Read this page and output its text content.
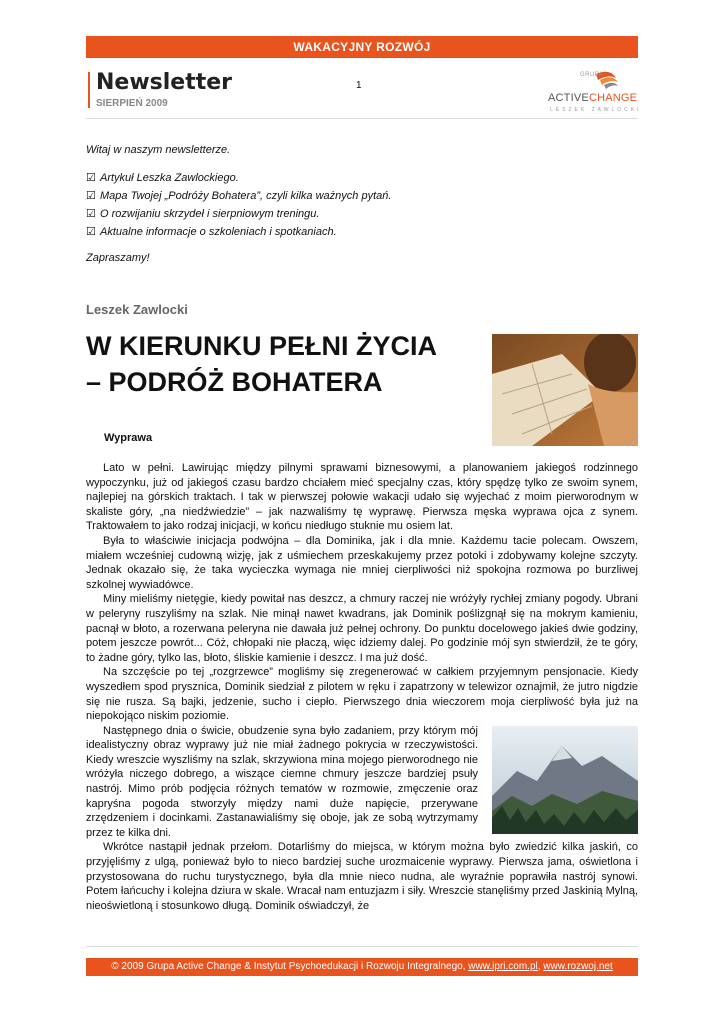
WAKACYJNY ROZWÓJ
Newsletter
SIERPIEŃ 2009
1
GRUPA
ACTIVECHANGE
LESZEK ZAWLOCKI

Witaj w naszym newsletterze.

☑ Artykuł Leszka Zawlockiego.
☑ Mapa Twojej „Podróży Bohatera”, czyli kilka ważnych pytań.
☑ O rozwijaniu skrzydeł i sierpniowym treningu.
☑ Aktualne informacje o szkoleniach i spotkaniach.

Zapraszamy!

Leszek Zawlocki
W KIERUNKU PEŁNI ŻYCIA
– PODRÓŻ BOHATERA
Wyprawa

Lato w pełni. Lawirując między pilnymi sprawami biznesowymi, a planowaniem jakiegoś rodzinnego wypoczynku, już od jakiegoś czasu bardzo chciałem mieć specjalny czas, który spędzę tylko ze swoim synem, najlepiej na górskich traktach. I tak w pierwszej połowie wakacji udało się wyjechać z moim pierworodnym w skaliste góry, „na niedźwiedzie” – jak nazwaliśmy tę wyprawę. Pierwsza męska wyprawa ojca z synem. Traktowałem to jako rodzaj inicjacji, w końcu niedługo stuknie mu osiem lat.

Była to właściwie inicjacja podwójna – dla Dominika, jak i dla mnie. Każdemu tacie polecam. Owszem, miałem wcześniej cudowną wizję, jak z uśmiechem przeskakujemy przez potoki i zdobywamy kolejne szczyty. Jednak okazało się, że taka wycieczka wymaga nie mniej cierpliwości niż spokojna rozmowa po burzliwej szkolnej wywiadówce.

Miny mieliśmy nietęgie, kiedy powitał nas deszcz, a chmury raczej nie wróżyły rychłej zmiany pogody. Ubrani w peleryny ruszyliśmy na szlak. Nie minął nawet kwadrans, jak Dominik poślizgnął się na mokrym kamieniu, pacnął w błoto, a rozerwana peleryna nie dawała już pełnej ochrony. Do punktu docelowego jakieś dwie godziny, potem jeszcze powrót... Cóż, chłopaki nie płaczą, więc idziemy dalej. Po godzinie mój syn stwierdził, że te góry, to żadne góry, tylko las, błoto, śliskie kamienie i deszcz. I ma już dość.

Na szczęście po tej „rozgrzewce” mogliśmy się zregenerować w całkiem przyjemnym pensjonacie. Kiedy wyszedłem spod prysznica, Dominik siedział z pilotem w ręku i zapatrzony w telewizor oznajmił, że jutro nigdzie się nie rusza. Są bajki, jedzenie, sucho i ciepło. Pierwszego dnia wieczorem moja cierpliwość była już na niepokojąco niskim poziomie.

Następnego dnia o świcie, obudzenie syna było zadaniem, przy którym mój idealistyczny obraz wyprawy już nie miał żadnego pokrycia w rzeczywistości. Kiedy wreszcie wyszliśmy na szlak, skrzywiona mina mojego pierworodnego nie wróżyła niczego dobrego, a wiszące ciemne chmury jeszcze bardziej psuły nastrój. Mimo prób podjęcia różnych tematów w rozmowie, zmęczenie oraz kapryśna pogoda stworzyły między nami duże napięcie, przerywane zrzędzeniem i docinkami. Zastanawialiśmy się oboje, jak ze sobą wytrzymamy przez te kilka dni.

Wkrótce nastąpił jednak przełom. Dotarliśmy do miejsca, w którym można było zwiedzić kilka jaskiń, co przyjęliśmy z ulgą, ponieważ było to nieco bardziej suche urozmaicenie wyprawy. Pierwsza jama, oświetlona i przystosowana do ruchu turystycznego, była dla mnie nieco nudna, ale wyraźnie poprawiła nastrój synowi. Potem łańcuchy i kolejna dziura w skale. Wracał nam entuzjazm i siły. Wreszcie stanęliśmy przed Jaskinią Mylną, nieoświetloną i stosunkowo długą. Dominik oświadczył, że

© 2009 Grupa Active Change & Instytut Psychoedukacji i Rozwoju Integralnego, www.ipri.com.pl, www.rozwoj.net
